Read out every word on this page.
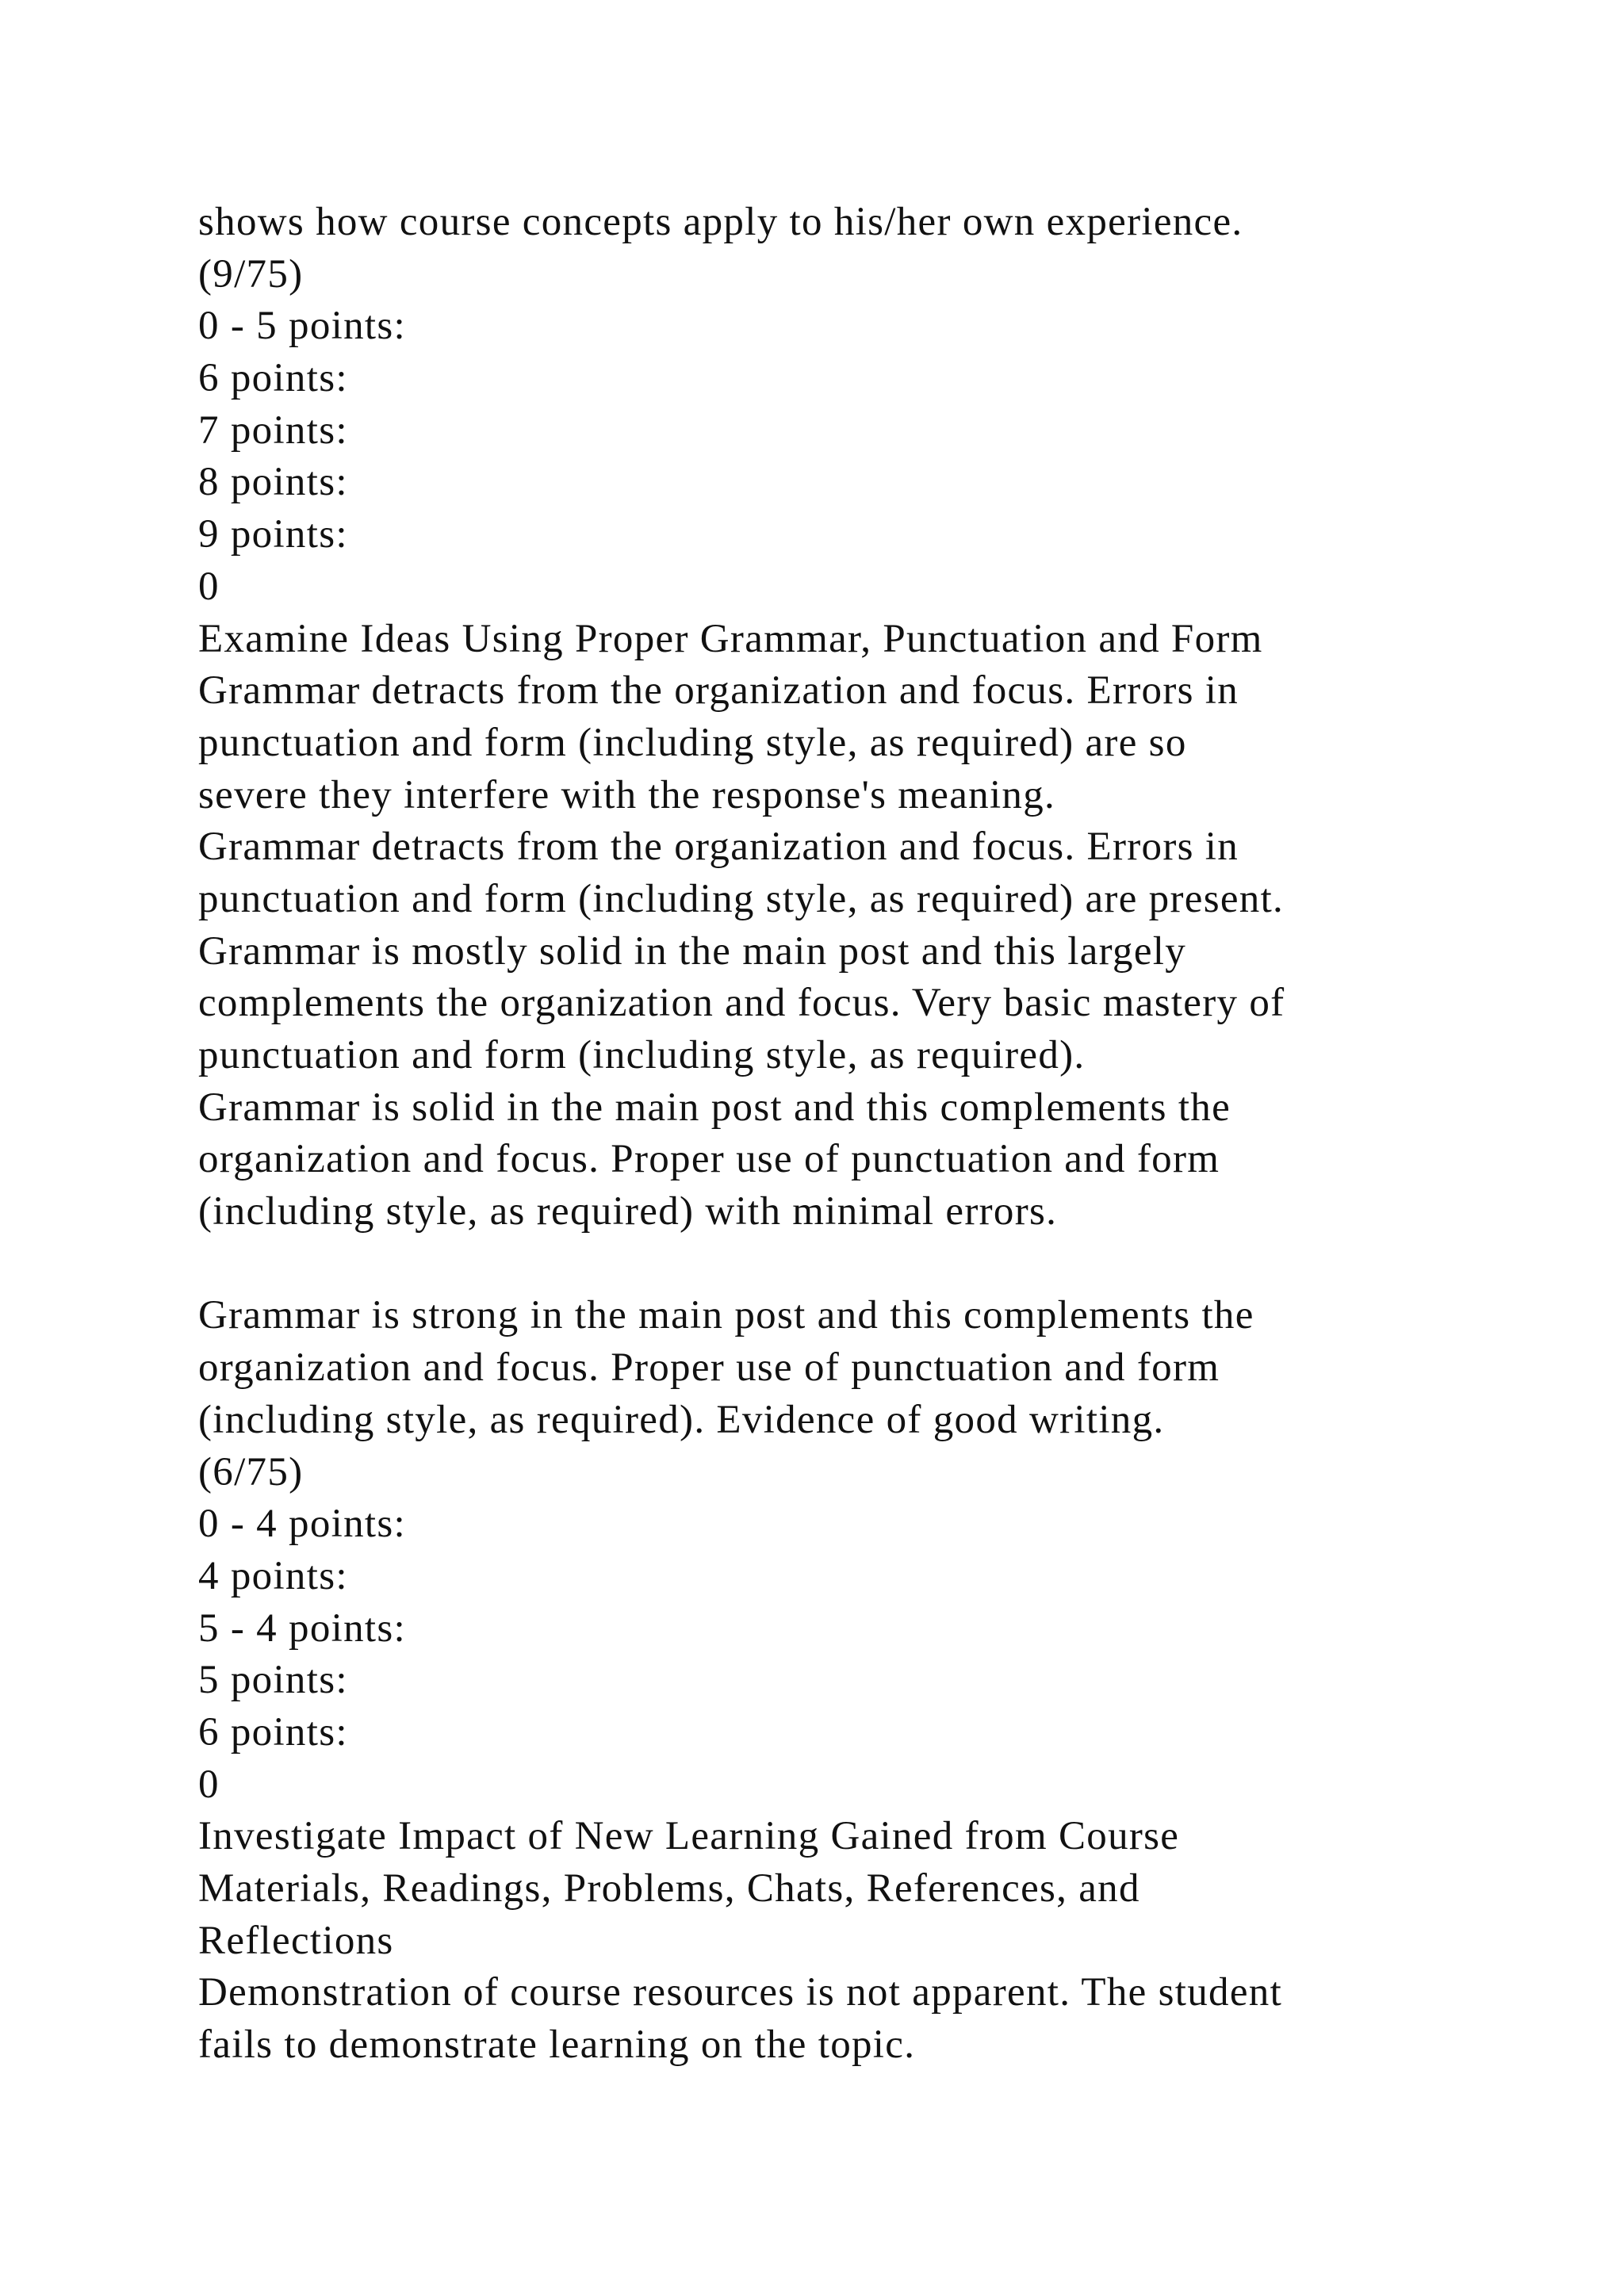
shows how course concepts apply to his/her own experience.
(9/75)
0 - 5 points:
6 points:
7 points:
8 points:
9 points:
0
Examine Ideas Using Proper Grammar, Punctuation and Form
Grammar detracts from the organization and focus. Errors in
punctuation and form (including style, as required) are so
severe they interfere with the response's meaning.
Grammar detracts from the organization and focus. Errors in
punctuation and form (including style, as required) are present.
Grammar is mostly solid in the main post and this largely
complements the organization and focus. Very basic mastery of
punctuation and form (including style, as required).
Grammar is solid in the main post and this complements the
organization and focus. Proper use of punctuation and form
(including style, as required) with minimal errors.
Grammar is strong in the main post and this complements the
organization and focus. Proper use of punctuation and form
(including style, as required). Evidence of good writing.
(6/75)
0 - 4 points:
4 points:
5 - 4 points:
5 points:
6 points:
0
Investigate Impact of New Learning Gained from Course
Materials, Readings, Problems, Chats, References, and
Reflections
Demonstration of course resources is not apparent. The student
fails to demonstrate learning on the topic.
